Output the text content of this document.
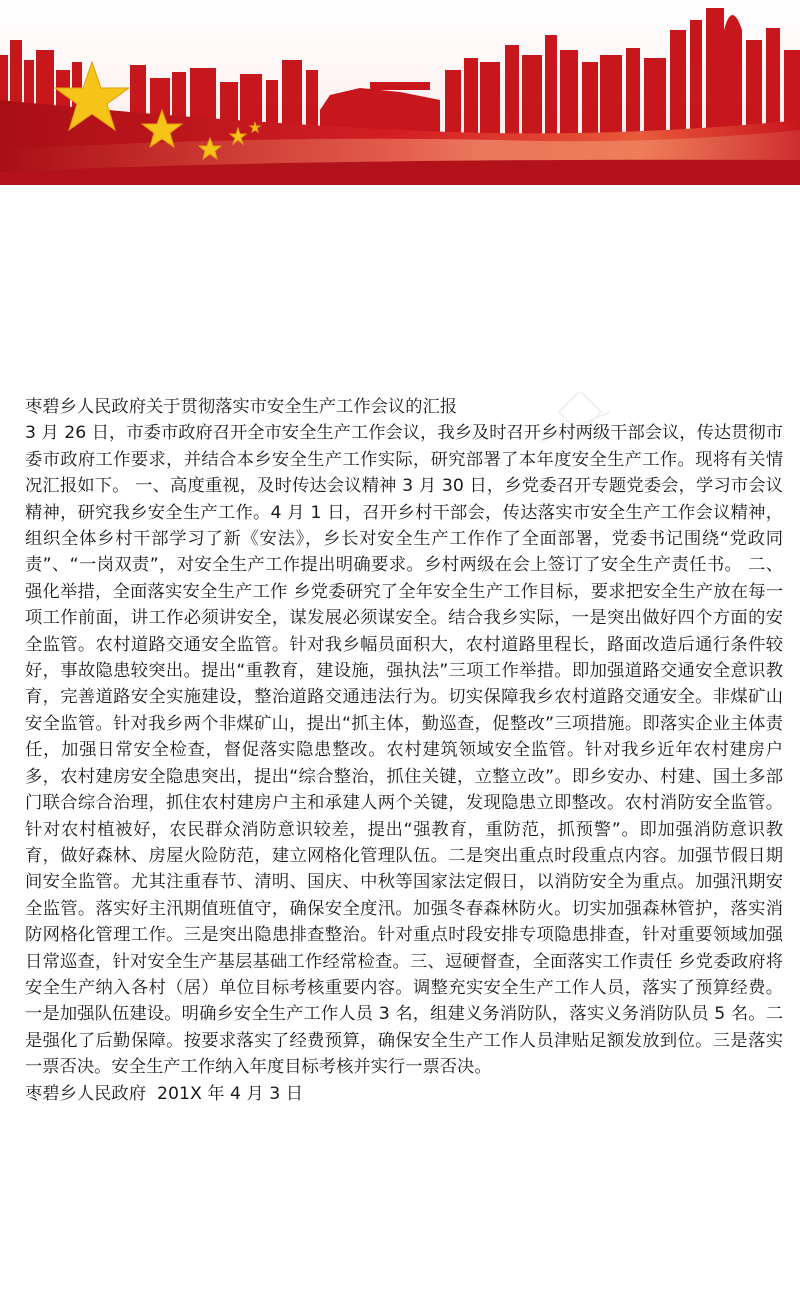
枣碧乡人民政府关于贯彻落实市安全生产工作会议的汇报

3 月 26 日，市委市政府召开全市安全生产工作会议，我乡及时召开乡村两级干部会议，传达贯彻市委市政府工作要求，并结合本乡安全生产工作实际，研究部署了本年度安全生产工作。现将有关情况汇报如下。 一、高度重视，及时传达会议精神 3 月 30 日，乡党委召开专题党委会，学习市会议精神，研究我乡安全生产工作。4 月 1 日，召开乡村干部会，传达落实市安全生产工作会议精神，组织全体乡村干部学习了新《安法》，乡长对安全生产工作作了全面部署，党委书记围绕“党政同责”、“一岗双责”，对安全生产工作提出明确要求。乡村两级在会上签订了安全生产责任书。 二、强化举措，全面落实安全生产工作 乡党委研究了全年安全生产工作目标，要求把安全生产放在每一项工作前面，讲工作必须讲安全，谋发展必须谋安全。结合我乡实际，一是突出做好四个方面的安全监管。农村道路交通安全监管。针对我乡幅员面积大，农村道路里程长，路面改造后通行条件较好，事故隐患较突出。提出“重教育，建设施，强执法”三项工作举措。即加强道路交通安全意识教育，完善道路安全实施建设，整治道路交通违法行为。切实保障我乡农村道路交通安全。非煤矿山安全监管。针对我乡两个非煤矿山，提出“抓主体，勤巡查，促整改”三项措施。即落实企业主体责任，加强日常安全检查，督促落实隐患整改。农村建筑领域安全监管。针对我乡近年农村建房户多，农村建房安全隐患突出，提出“综合整治，抓住关键，立整立改”。即乡安办、村建、国土多部门联合综合治理，抓住农村建房户主和承建人两个关键，发现隐患立即整改。农村消防安全监管。针对农村植被好，农民群众消防意识较差，提出“强教育，重防范，抓预警”。即加强消防意识教育，做好森林、房屋火险防范，建立网格化管理队伍。二是突出重点时段重点内容。加强节假日期间安全监管。尤其注重春节、清明、国庆、中秋等国家法定假日，以消防安全为重点。加强汛期安全监管。落实好主汛期值班值守，确保安全度汛。加强冬春森林防火。切实加强森林管护，落实消防网格化管理工作。三是突出隐患排查整治。针对重点时段安排专项隐患排查，针对重要领域加强日常巡查，针对安全生产基层基础工作经常检查。三、逗硬督查，全面落实工作责任 乡党委政府将安全生产纳入各村（居）单位目标考核重要内容。调整充实安全生产工作人员，落实了预算经费。一是加强队伍建设。明确乡安全生产工作人员 3 名，组建义务消防队，落实义务消防队员 5 名。二是强化了后勤保障。按要求落实了经费预算，确保安全生产工作人员津贴足额发放到位。三是落实一票否决。安全生产工作纳入年度目标考核并实行一票否决。

枣碧乡人民政府  201X 年 4 月 3 日
